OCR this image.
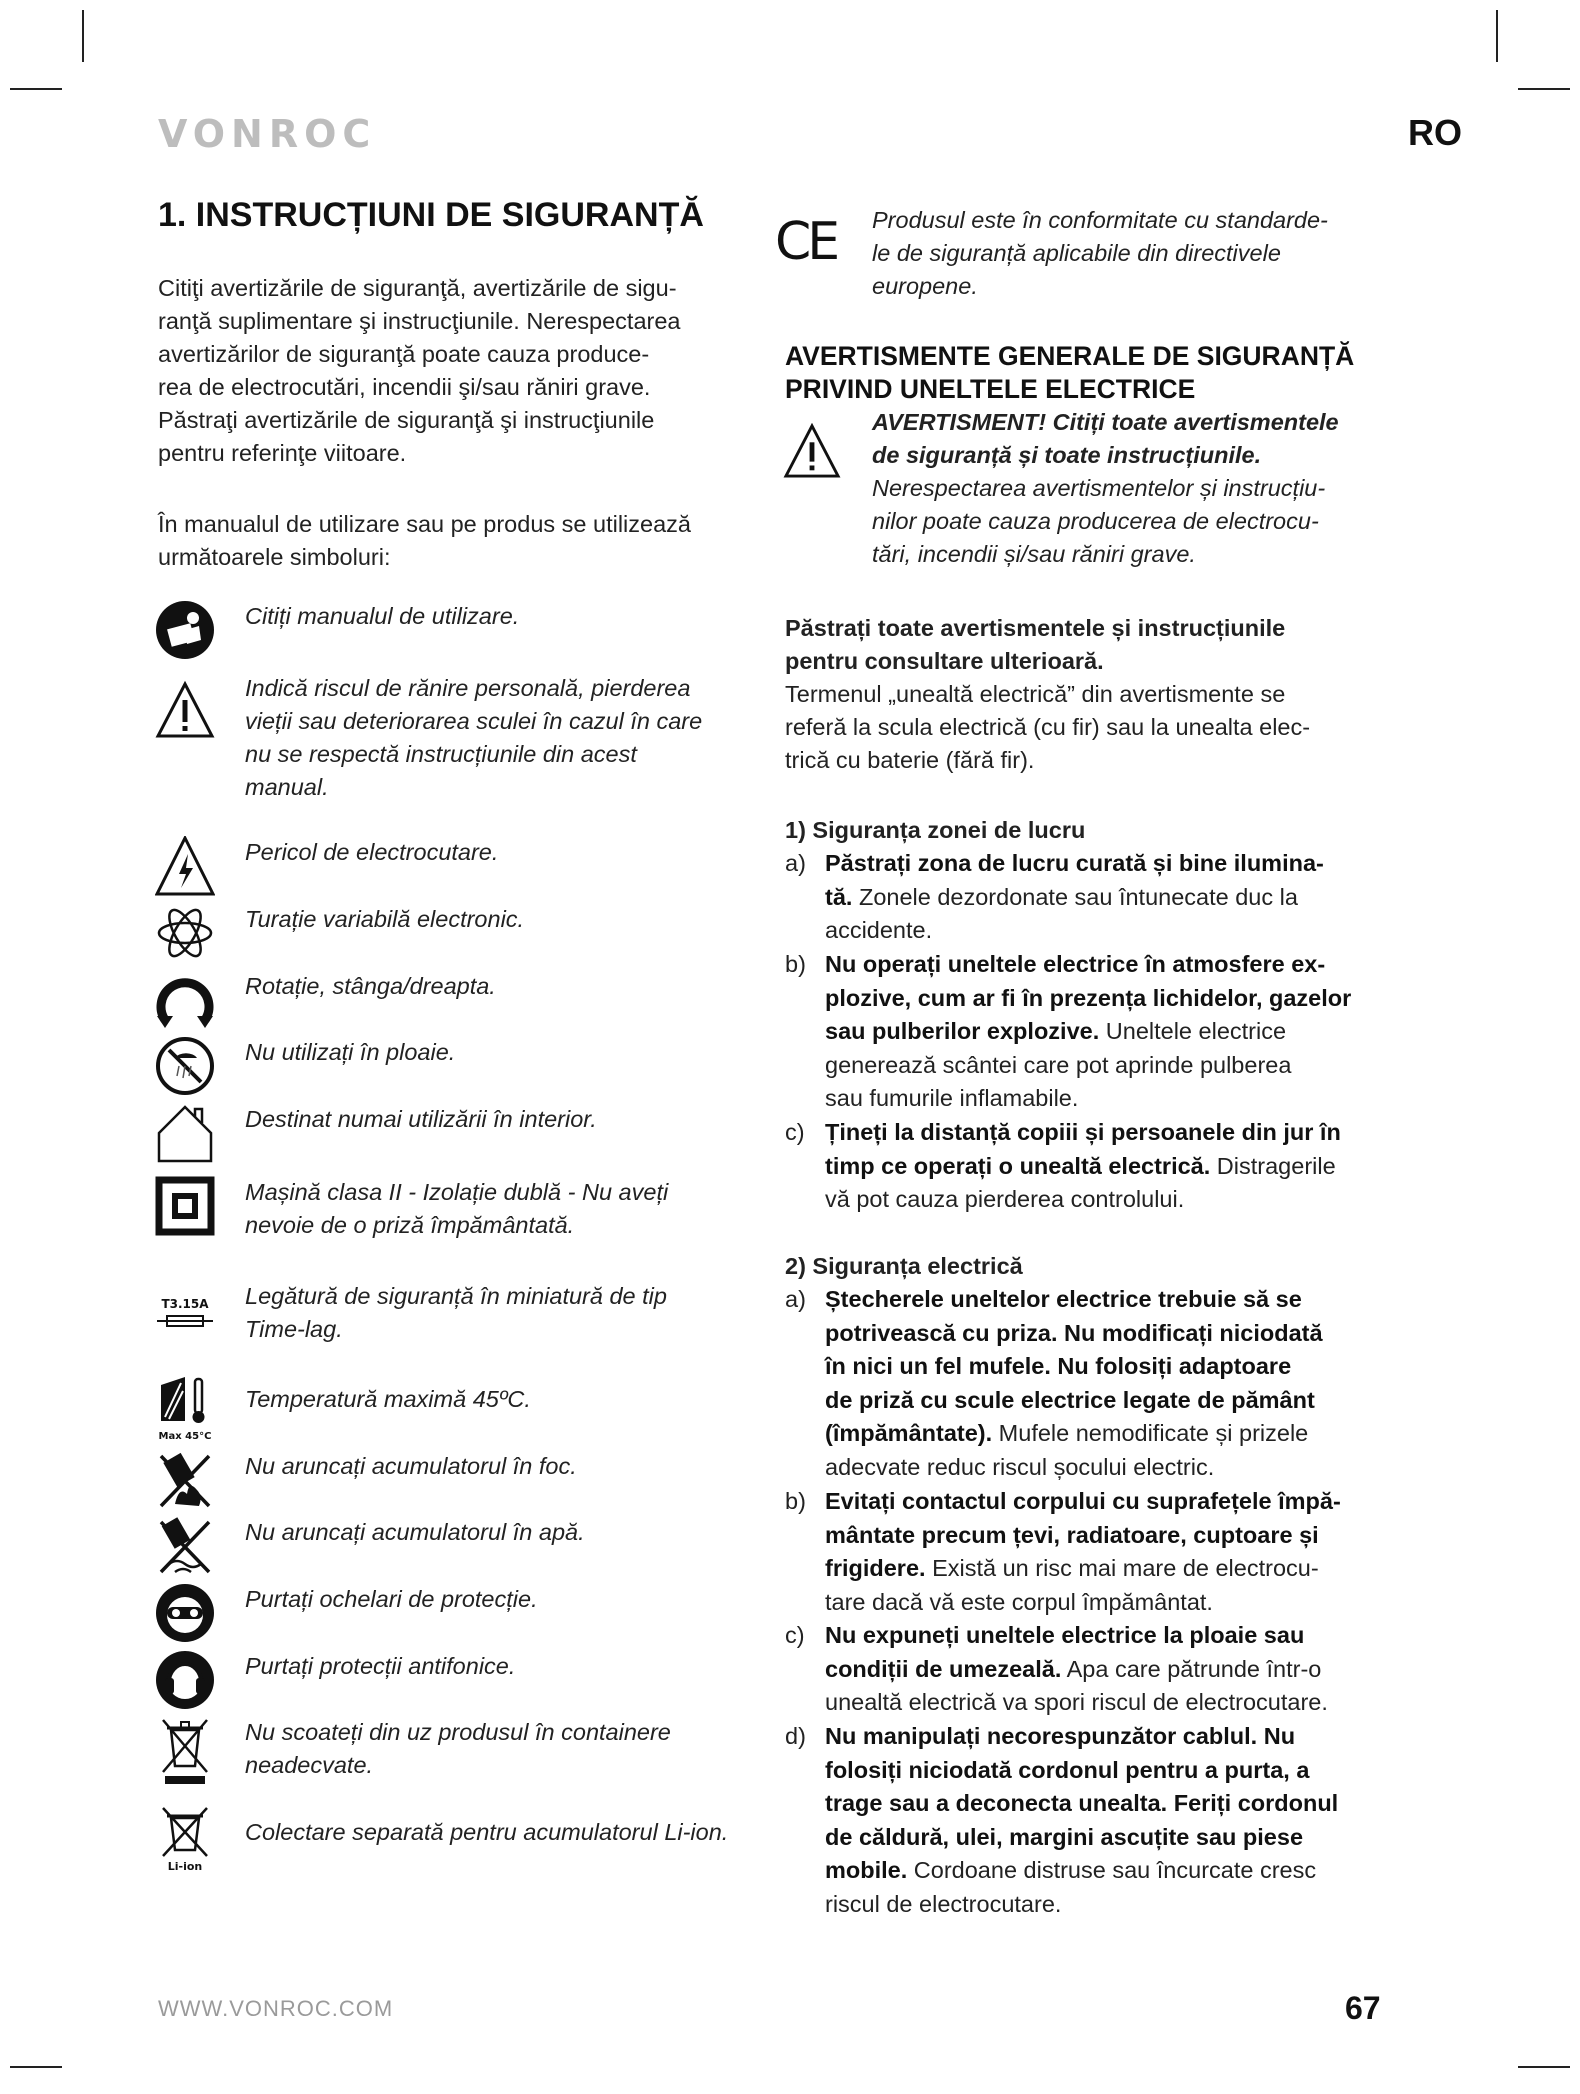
VONROC	RO
1. INSTRUCȚIUNI DE SIGURANȚĂ
Citiţi avertizările de siguranţă, avertizările de sigu-
ranţă suplimentare şi instrucţiunile. Nerespectarea
avertizărilor de siguranţă poate cauza produce-
rea de electrocutări, incendii şi/sau răniri grave.
Păstraţi avertizările de siguranţă şi instrucţiunile
pentru referinţe viitoare.
În manualul de utilizare sau pe produs se utilizează
următoarele simboluri:
Citiți manualul de utilizare.
Indică riscul de rănire personală, pierderea
vieții sau deteriorarea sculei în cazul în care
nu se respectă instrucțiunile din acest
manual.
Pericol de electrocutare.
Turație variabilă electronic.
Rotație, stânga/dreapta.
Nu utilizați în ploaie.
Destinat numai utilizării în interior.
Mașină clasa II - Izolație dublă - Nu aveți
nevoie de o priză împământată.
T3.15A Legătură de siguranță în miniatură de tip
Time-lag.
Max 45°C
Temperatură maximă 45ºC.
Nu aruncați acumulatorul în foc.
Nu aruncați acumulatorul în apă.
Purtați ochelari de protecție.
Purtați protecții antifonice.
Nu scoateți din uz produsul în containere
neadecvate.
Li-ion
Colectare separată pentru acumulatorul Li-ion.
CE Produsul este în conformitate cu standarde-
le de siguranță aplicabile din directivele
europene.
AVERTISMENTE GENERALE DE SIGURANȚĂ
PRIVIND UNELTELE ELECTRICE
AVERTISMENT! Citiți toate avertismentele
de siguranță și toate instrucțiunile.
Nerespectarea avertismentelor și instrucțiu-
nilor poate cauza producerea de electrocu-
tări, incendii și/sau răniri grave.
Păstrați toate avertismentele și instrucțiunile
pentru consultare ulterioară.
Termenul „unealtă electrică” din avertismente se
referă la scula electrică (cu fir) sau la unealta elec-
trică cu baterie (fără fir).
1) Siguranța zonei de lucru
a) Păstrați zona de lucru curată și bine ilumina-
tă. Zonele dezordonate sau întunecate duc la
accidente.
b) Nu operați uneltele electrice în atmosfere ex-
plozive, cum ar fi în prezența lichidelor, gazelor
sau pulberilor explozive. Uneltele electrice
generează scântei care pot aprinde pulberea
sau fumurile inflamabile.
c) Țineți la distanță copiii și persoanele din jur în
timp ce operați o unealtă electrică. Distragerile
vă pot cauza pierderea controlului.
2) Siguranța electrică
a) Ștecherele uneltelor electrice trebuie să se
potrivească cu priza. Nu modificați niciodată
în nici un fel mufele. Nu folosiți adaptoare
de priză cu scule electrice legate de pământ
(împământate). Mufele nemodificate și prizele
adecvate reduc riscul șocului electric.
b) Evitați contactul corpului cu suprafețele împă-
mântate precum țevi, radiatoare, cuptoare și
frigidere. Există un risc mai mare de electrocu-
tare dacă vă este corpul împământat.
c) Nu expuneți uneltele electrice la ploaie sau
condiții de umezeală. Apa care pătrunde într-o
unealtă electrică va spori riscul de electrocutare.
d) Nu manipulați necorespunzător cablul. Nu
folosiți niciodată cordonul pentru a purta, a
trage sau a deconecta unealta. Feriți cordonul
de căldură, ulei, margini ascuțite sau piese
mobile. Cordoane distruse sau încurcate cresc
riscul de electrocutare.
WWW.VONROC.COM	67
